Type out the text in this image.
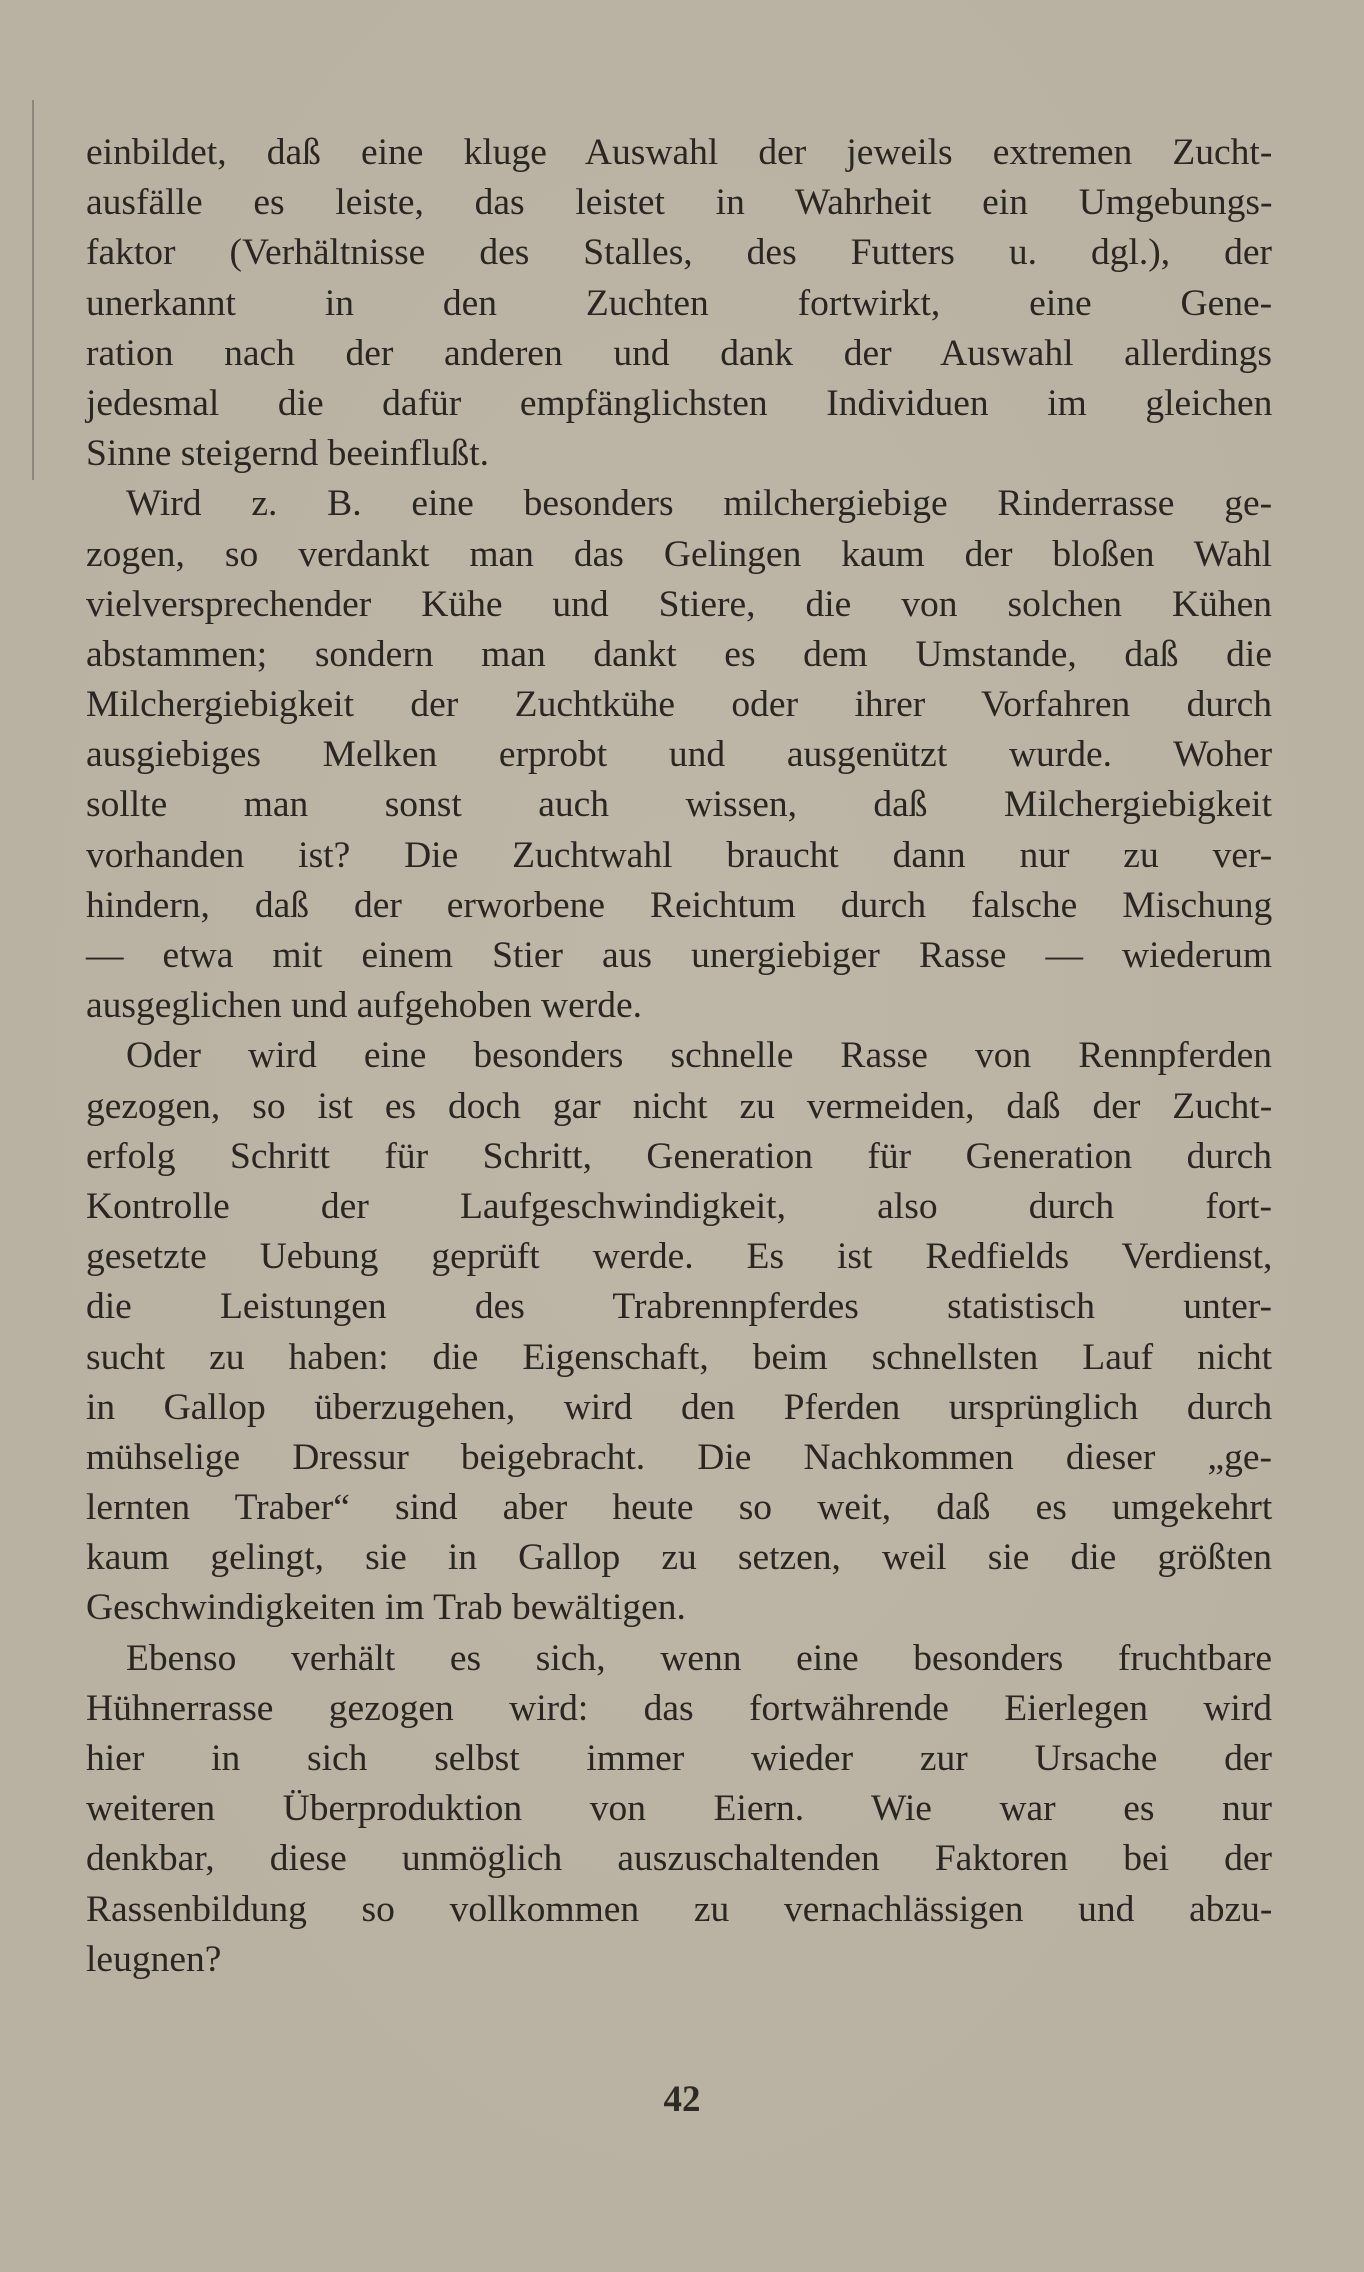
einbildet, daß eine kluge Auswahl der jeweils extremen Zucht-
ausfälle es leiste, das leistet in Wahrheit ein Umgebungs-
faktor (Verhältnisse des Stalles, des Futters u. dgl.), der
unerkannt in den Zuchten fortwirkt, eine Gene-
ration nach der anderen und dank der Auswahl allerdings
jedesmal die dafür empfänglichsten Individuen im gleichen
Sinne steigernd beeinflußt.
Wird z. B. eine besonders milchergiebige Rinderrasse ge-
zogen, so verdankt man das Gelingen kaum der bloßen Wahl
vielversprechender Kühe und Stiere, die von solchen Kühen
abstammen; sondern man dankt es dem Umstande, daß die
Milchergiebigkeit der Zuchtkühe oder ihrer Vorfahren durch
ausgiebiges Melken erprobt und ausgenützt wurde. Woher
sollte man sonst auch wissen, daß Milchergiebigkeit
vorhanden ist? Die Zuchtwahl braucht dann nur zu ver-
hindern, daß der erworbene Reichtum durch falsche Mischung
— etwa mit einem Stier aus unergiebiger Rasse — wiederum
ausgeglichen und aufgehoben werde.
Oder wird eine besonders schnelle Rasse von Rennpferden
gezogen, so ist es doch gar nicht zu vermeiden, daß der Zucht-
erfolg Schritt für Schritt, Generation für Generation durch
Kontrolle der Laufgeschwindigkeit, also durch fort-
gesetzte Uebung geprüft werde. Es ist Redfields Verdienst,
die Leistungen des Trabrennpferdes statistisch unter-
sucht zu haben: die Eigenschaft, beim schnellsten Lauf nicht
in Gallop überzugehen, wird den Pferden ursprünglich durch
mühselige Dressur beigebracht. Die Nachkommen dieser „ge-
lernten Traber“ sind aber heute so weit, daß es umgekehrt
kaum gelingt, sie in Gallop zu setzen, weil sie die größten
Geschwindigkeiten im Trab bewältigen.
Ebenso verhält es sich, wenn eine besonders fruchtbare
Hühnerrasse gezogen wird: das fortwährende Eierlegen wird
hier in sich selbst immer wieder zur Ursache der
weiteren Überproduktion von Eiern. Wie war es nur
denkbar, diese unmöglich auszuschaltenden Faktoren bei der
Rassenbildung so vollkommen zu vernachlässigen und abzu-
leugnen?
42
